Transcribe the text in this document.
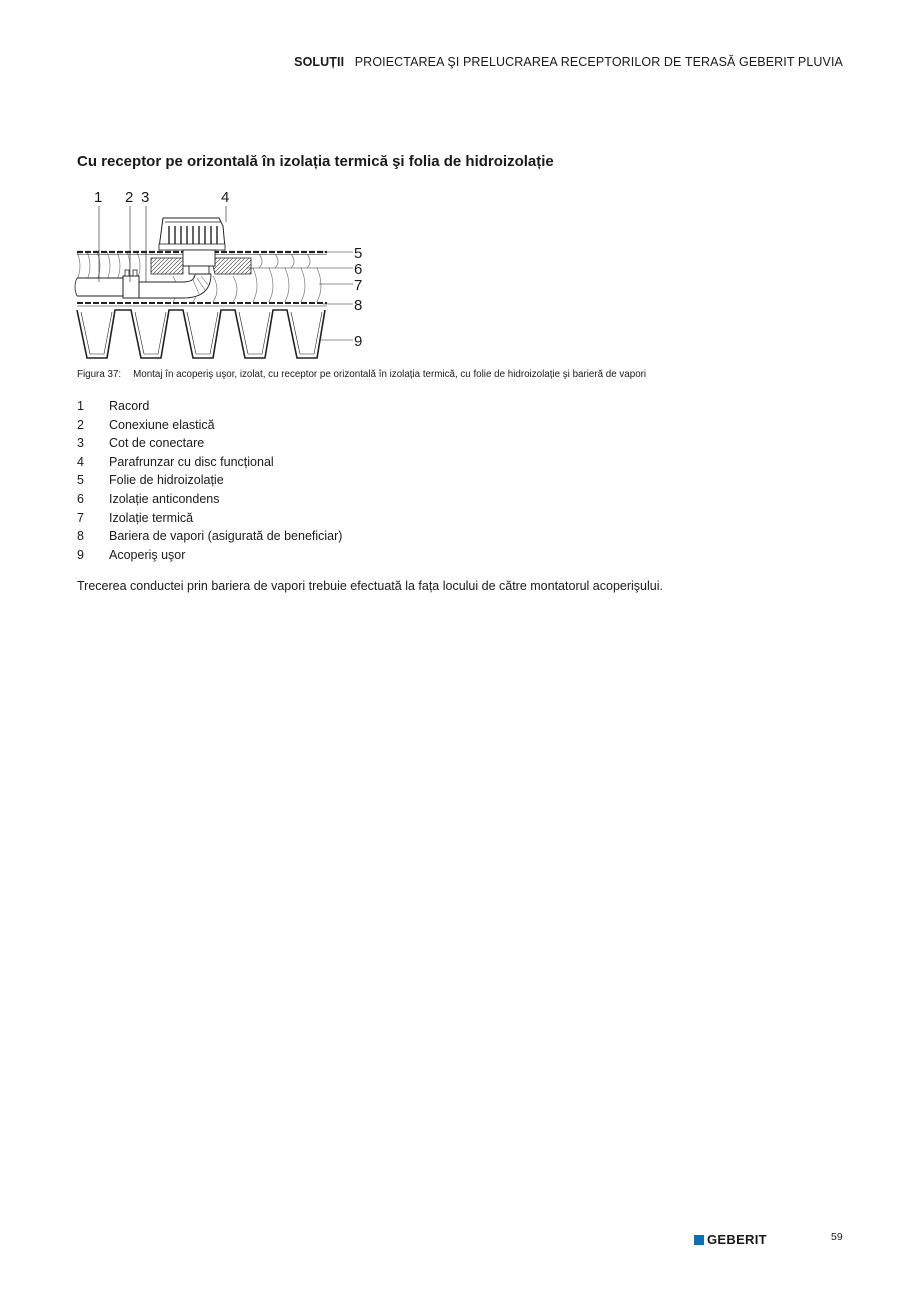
SOLUȚII PROIECTAREA ŞI PRELUCRAREA RECEPTORILOR DE TERASĂ GEBERIT PLUVIA
Cu receptor pe orizontală în izolația termică şi folia de hidroizolație
1 2 3	4
5
6
7
8
9
Figura 37: Montaj în acoperiş uşor, izolat, cu receptor pe orizontală în izolația termică, cu folie de hidroizolație şi barieră de vapori
1 Racord
2 Conexiune elastică
3 Cot de conectare
4 Parafrunzar cu disc funcțional
5 Folie de hidroizolație
6 Izolație anticondens
7 Izolație termică
8 Bariera de vapori (asigurată de beneficiar)
9 Acoperiş uşor
Trecerea conductei prin bariera de vapori trebuie efectuată la fața locului de către montatorul acoperişului.
GEBERIT	59
